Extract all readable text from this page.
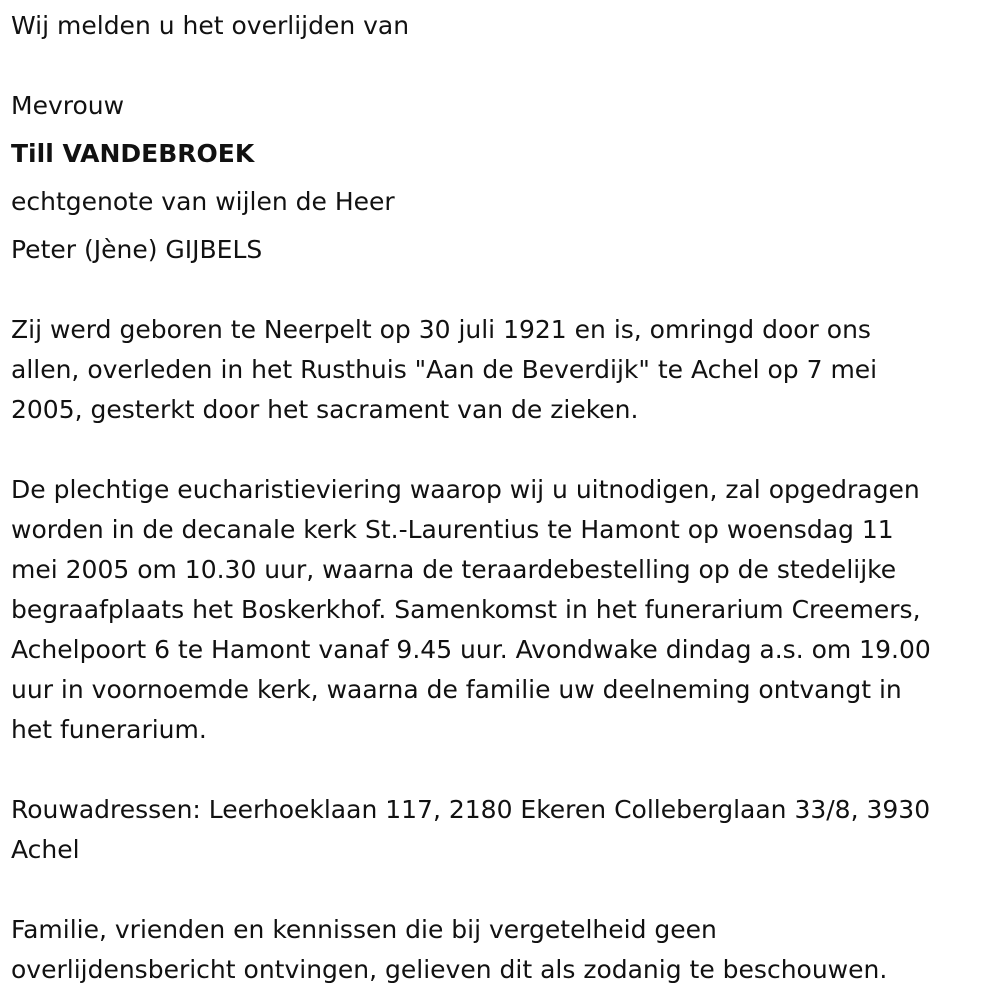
Wij melden u het overlijden van
Mevrouw
Till VANDEBROEK
echtgenote van wijlen de Heer
Peter (Jène) GIJBELS
Zij werd geboren te Neerpelt op 30 juli 1921 en is, omringd door ons
allen, overleden in het Rusthuis "Aan de Beverdijk" te Achel op 7 mei
2005, gesterkt door het sacrament van de zieken.
De plechtige eucharistieviering waarop wij u uitnodigen, zal opgedragen
worden in de decanale kerk St.-Laurentius te Hamont op woensdag 11
mei 2005 om 10.30 uur, waarna de teraardebestelling op de stedelijke
begraafplaats het Boskerkhof. Samenkomst in het funerarium Creemers,
Achelpoort 6 te Hamont vanaf 9.45 uur. Avondwake dindag a.s. om 19.00
uur in voornoemde kerk, waarna de familie uw deelneming ontvangt in
het funerarium.
Rouwadressen: Leerhoeklaan 117, 2180 Ekeren Colleberglaan 33/8, 3930
Achel
Familie, vrienden en kennissen die bij vergetelheid geen
overlijdensbericht ontvingen, gelieven dit als zodanig te beschouwen.
